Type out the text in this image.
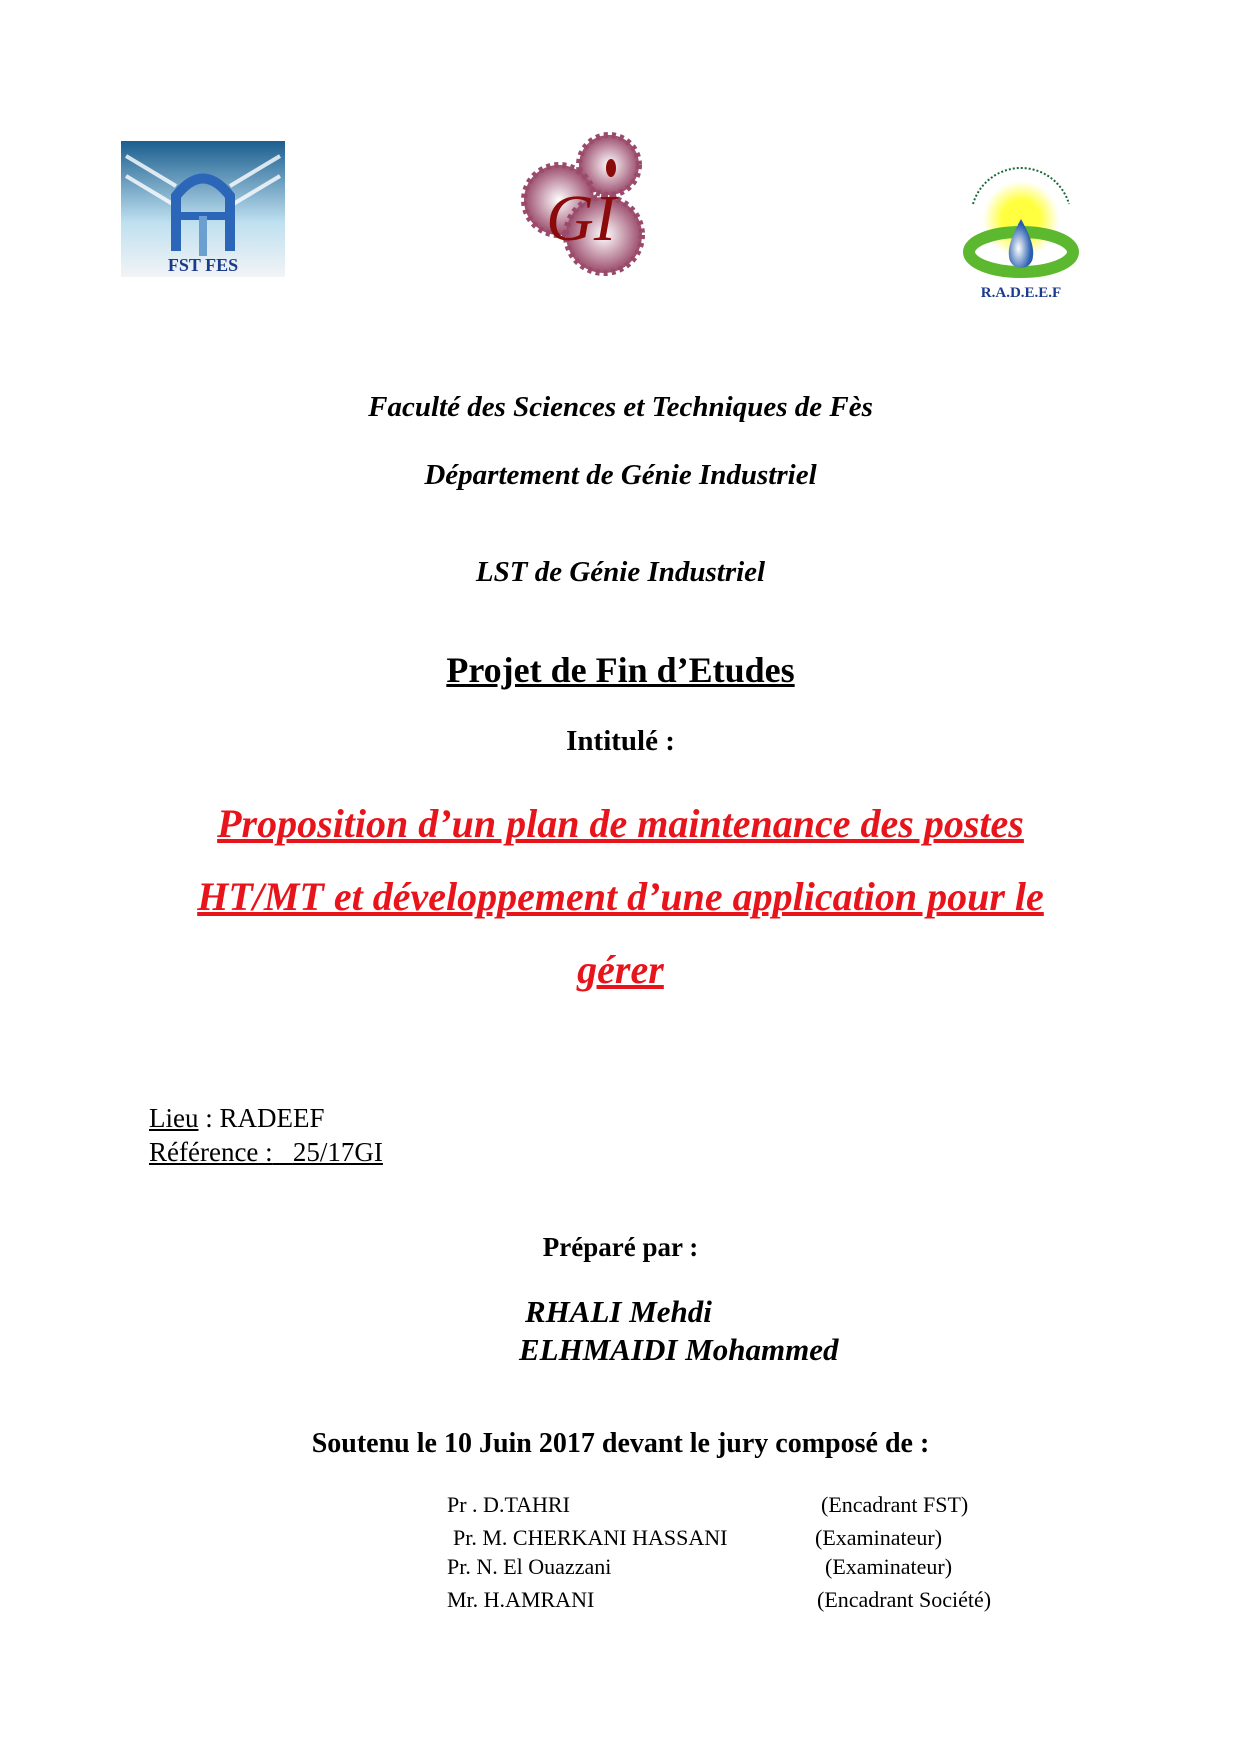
FST FES
GI
R.A.D.E.E.F
Faculté des Sciences et Techniques de Fès
Département de Génie Industriel
LST de Génie Industriel
Projet de Fin d’Etudes
Intitulé :
Proposition d’un plan de maintenance des postes
HT/MT et développement d’une application pour le
gérer
Lieu : RADEEF
Référence : 25/17GI
Préparé par :
RHALI Mehdi
ELHMAIDI Mohammed
Soutenu le 10 Juin 2017 devant le jury composé de :
Pr . D.TAHRI	(Encadrant FST)
Pr. M. CHERKANI HASSANI	(Examinateur)
Pr. N. El Ouazzani	(Examinateur)
Mr. H.AMRANI	(Encadrant Société)
